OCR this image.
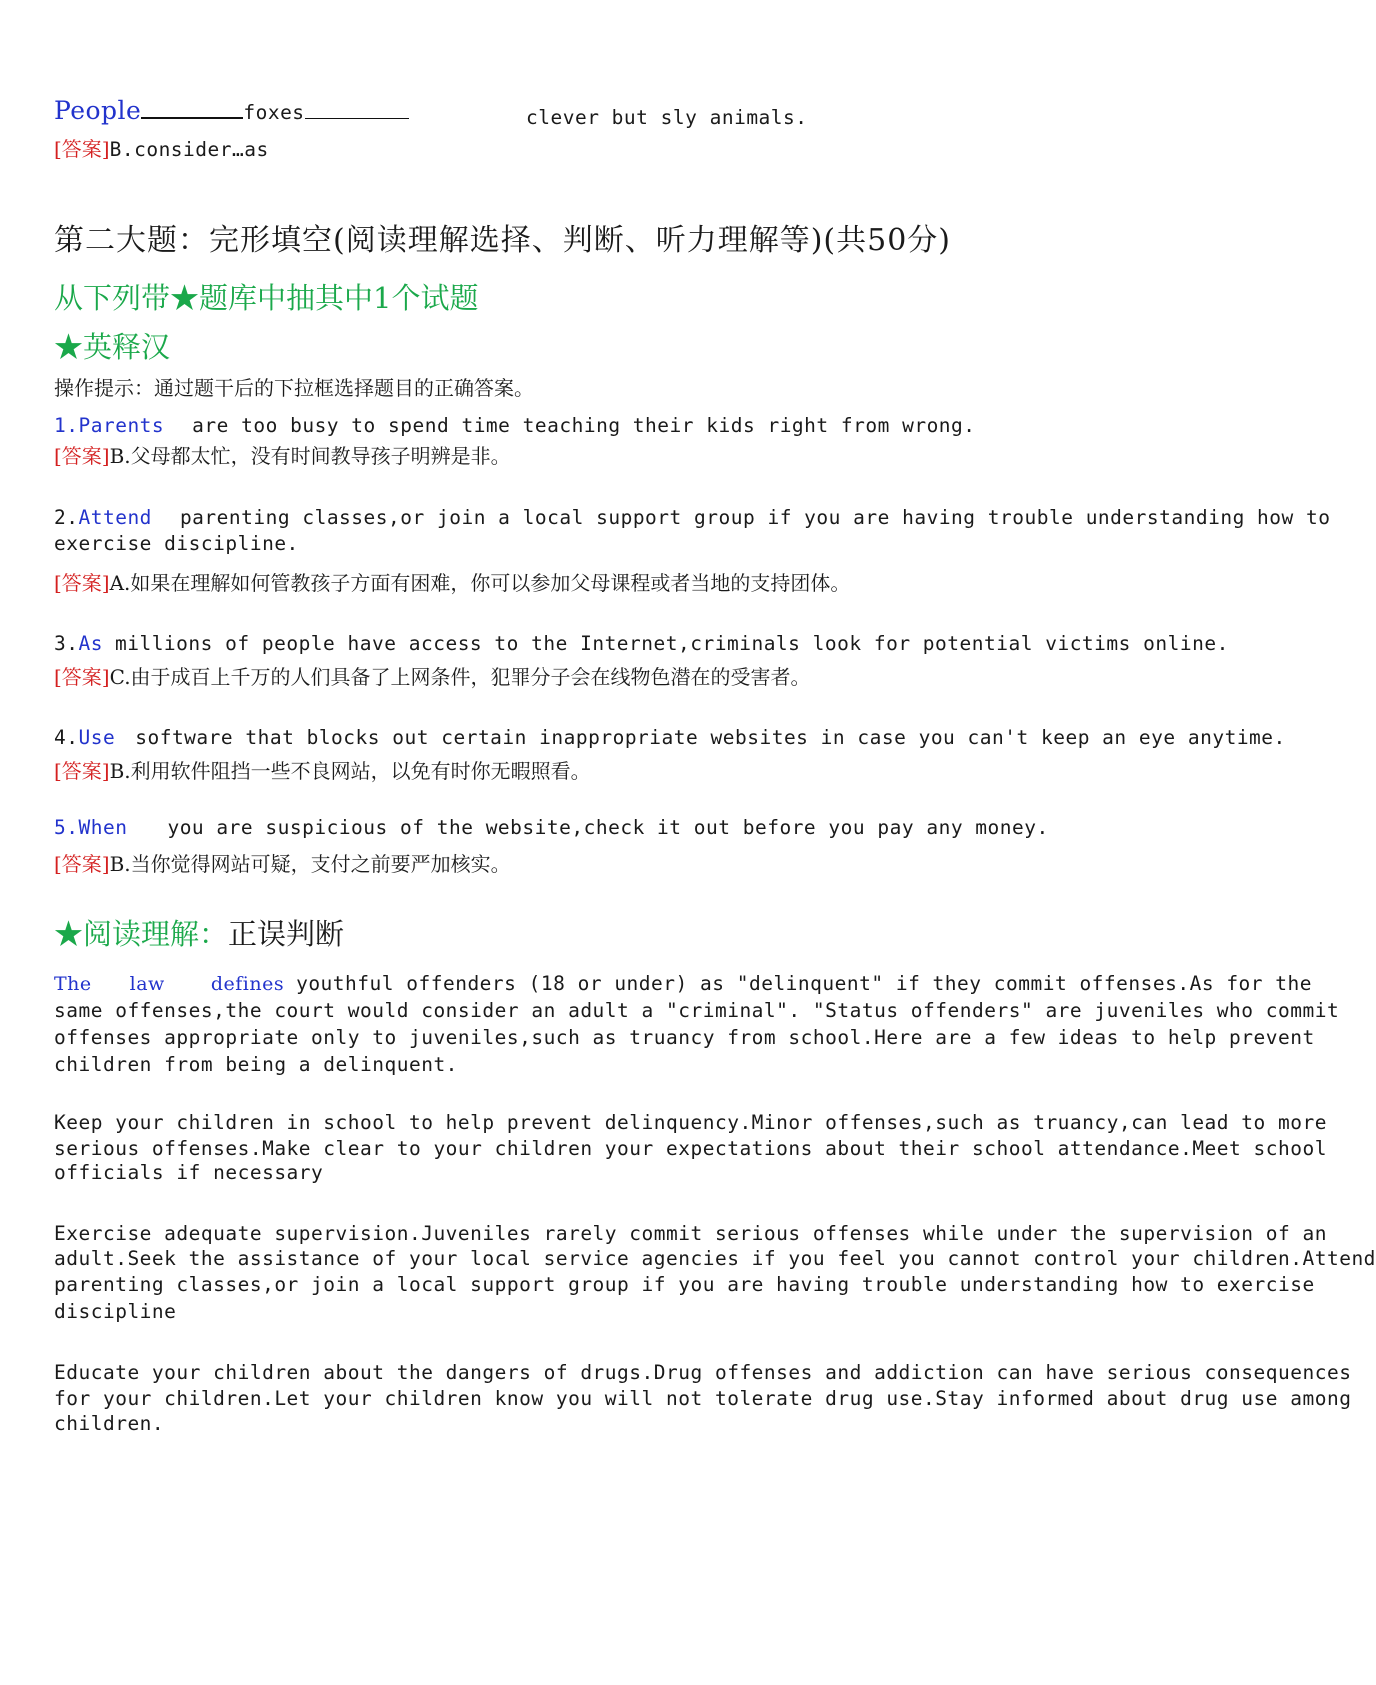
People	foxes	clever but sly animals.
[答案]B.consider…as
第二大题：完形填空(阅读理解选择、判断、听力理解等)(共50分)
从下列带★题库中抽其中1个试题
★英释汉
操作提示：通过题干后的下拉框选择题目的正确答案。
1.Parents are too busy to spend time teaching their kids right from wrong.
[答案]B.父母都太忙，没有时间教导孩子明辨是非。
2.Attend parenting classes,or join a local support group if you are having trouble understanding how to
exercise discipline.
[答案]A.如果在理解如何管教孩子方面有困难，你可以参加父母课程或者当地的支持团体。
3.As millions of people have access to the Internet,criminals look for potential victims online.
[答案]C.由于成百上千万的人们具备了上网条件，犯罪分子会在线物色潜在的受害者。
4.Use software that blocks out certain inappropriate websites in case you can't keep an eye anytime.
[答案]B.利用软件阻挡一些不良网站，以免有时你无暇照看。
5.When you are suspicious of the website,check it out before you pay any money.
[答案]B.当你觉得网站可疑，支付之前要严加核实。
★阅读理解：正误判断
The law defines youthful offenders (18 or under) as "delinquent" if they commit offenses.As for the
same offenses,the court would consider an adult a "criminal". "Status offenders" are juveniles who commit
offenses appropriate only to juveniles,such as truancy from school.Here are a few ideas to help prevent
children from being a delinquent.
Keep your children in school to help prevent delinquency.Minor offenses,such as truancy,can lead to more
serious offenses.Make clear to your children your expectations about their school attendance.Meet school
officials if necessary
Exercise adequate supervision.Juveniles rarely commit serious offenses while under the supervision of an
adult.Seek the assistance of your local service agencies if you feel you cannot control your children.Attend
parenting classes,or join a local support group if you are having trouble understanding how to exercise
discipline
Educate your children about the dangers of drugs.Drug offenses and addiction can have serious consequences
for your children.Let your children know you will not tolerate drug use.Stay informed about drug use among
children.
